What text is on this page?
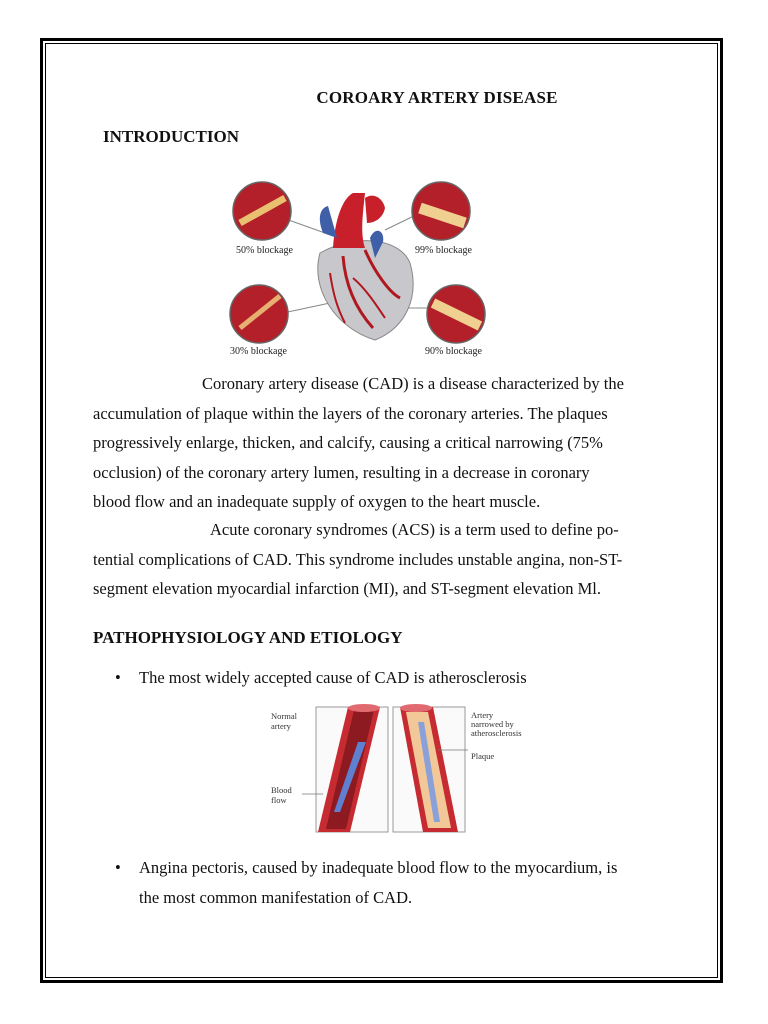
COROARY ARTERY DISEASE
INTRODUCTION
50% blockage	99% blockage
30% blockage	90% blockage
Coronary artery disease (CAD) is a disease characterized by the
accumulation of plaque within the layers of the coronary arteries. The plaques
progressively enlarge, thicken, and calcify, causing a critical narrowing (75%
occlusion) of the coronary artery lumen, resulting in a decrease in coronary
blood flow and an inadequate supply of oxygen to the heart muscle.
Acute coronary syndromes (ACS) is a term used to define po-
tential complications of CAD. This syndrome includes unstable angina, non-ST-
segment elevation myocardial infarction (MI), and ST-segment elevation Ml.
PATHOPHYSIOLOGY AND ETIOLOGY
• The most widely accepted cause of CAD is atherosclerosis
Normal
artery
Blood
flow
Artery
narrowed by
atherosclerosis
Plaque
• Angina pectoris, caused by inadequate blood flow to the myocardium, is
the most common manifestation of CAD.
